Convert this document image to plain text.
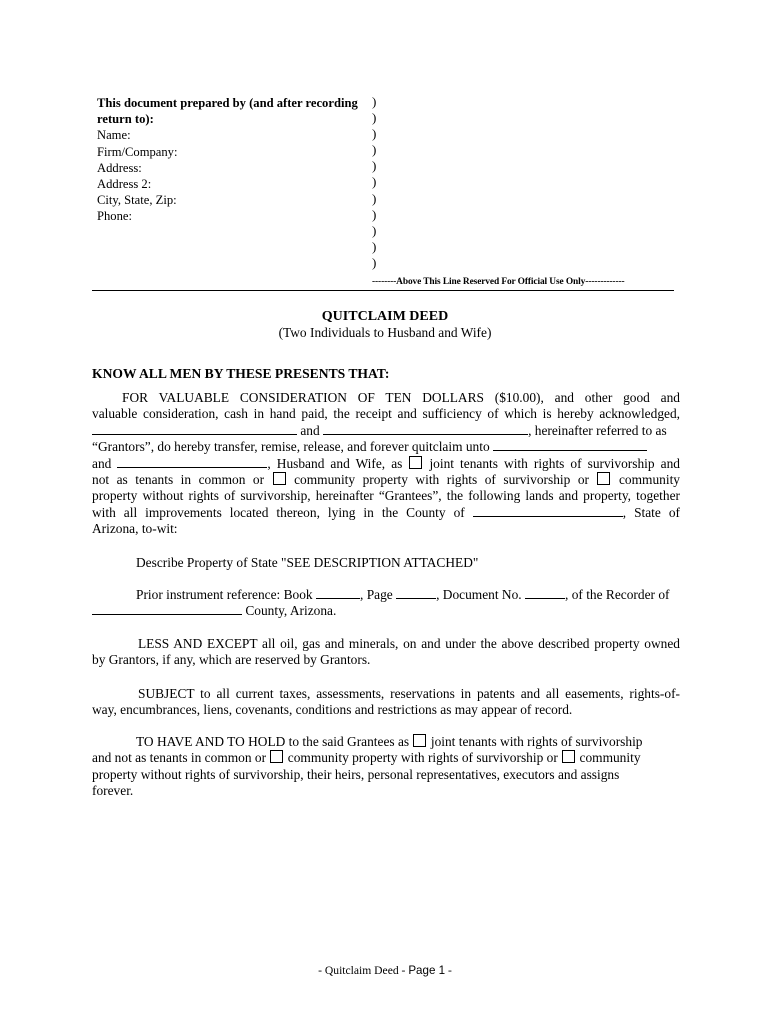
This document prepared by (and after recording
return to):
Name:
Firm/Company:
Address:
Address 2:
City, State, Zip:
Phone:
)
)
)
)
)
)
)
)
)
)
)
--------Above This Line Reserved For Official Use Only-------------
QUITCLAIM DEED
(Two Individuals to Husband and Wife)
KNOW ALL MEN BY THESE PRESENTS THAT:
FOR VALUABLE CONSIDERATION OF TEN DOLLARS ($10.00), and other good and
valuable consideration, cash in hand paid, the receipt and sufficiency of which is hereby acknowledged,
and	, hereinafter referred to as
“Grantors”, do hereby transfer, remise, release, and forever quitclaim unto
and	, Husband and Wife, as joint tenants with rights of survivorship and
not as tenants in common or community property with rights of survivorship or community
property without rights of survivorship, hereinafter “Grantees”, the following lands and property, together
with all improvements located thereon, lying in the County of	, State of
Arizona, to-wit:
Describe Property of State "SEE DESCRIPTION ATTACHED"
Prior instrument reference: Book	, Page	, Document No.	, of the Recorder of
County, Arizona.
LESS AND EXCEPT all oil, gas and minerals, on and under the above described property owned
by Grantors, if any, which are reserved by Grantors.
SUBJECT to all current taxes, assessments, reservations in patents and all easements, rights-of-
way, encumbrances, liens, covenants, conditions and restrictions as may appear of record.
TO HAVE AND TO HOLD to the said Grantees as joint tenants with rights of survivorship
and not as tenants in common or community property with rights of survivorship or community
property without rights of survivorship, their heirs, personal representatives, executors and assigns
forever.
- Quitclaim Deed - Page 1 -
